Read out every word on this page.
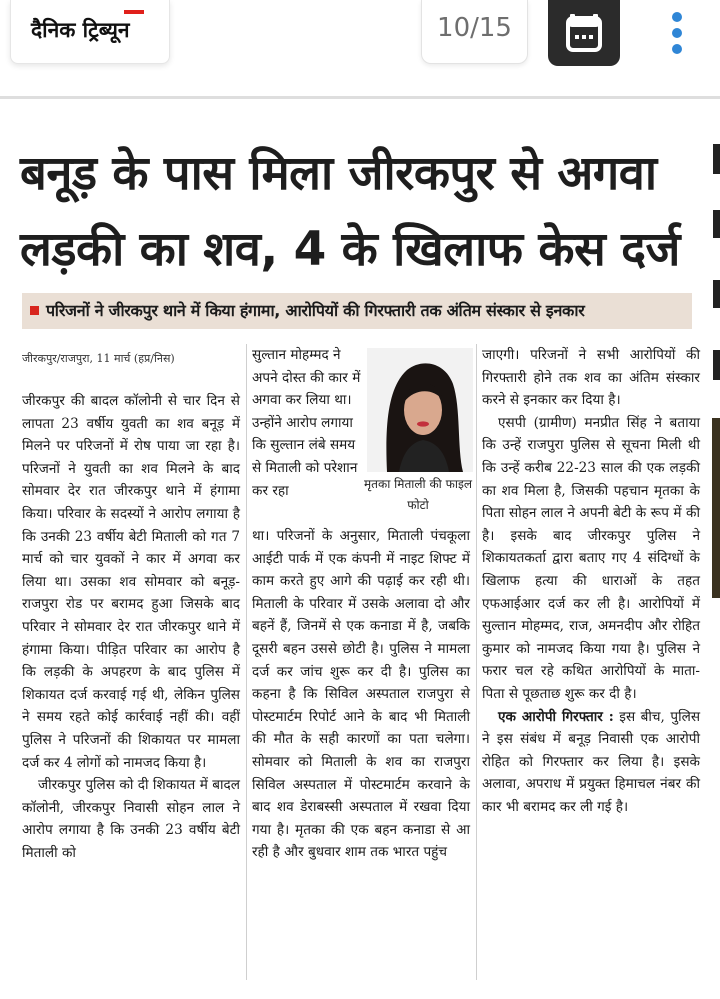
दैनिक ट्रिब्यून	10/15
बनूड़ के पास मिला जीरकपुर से अगवा
लड़की का शव, 4 के खिलाफ केस दर्ज
परिजनों ने जीरकपुर थाने में किया हंगामा, आरोपियों की गिरफ्तारी तक अंतिम संस्कार से इनकार
जीरकपुर/राजपुरा, 11 मार्च (हप्र/निस)

जीरकपुर की बादल कॉलोनी से चार दिन से लापता 23 वर्षीय युवती का शव बनूड़ में मिलने पर परिजनों में रोष पाया जा रहा है। परिजनों ने युवती का शव मिलने के बाद सोमवार देर रात जीरकपुर थाने में हंगामा किया। परिवार के सदस्यों ने आरोप लगाया है कि उनकी 23 वर्षीय बेटी मिताली को गत 7 मार्च को चार युवकों ने कार में अगवा कर लिया था। उसका शव सोमवार को बनूड़-राजपुरा रोड पर बरामद हुआ जिसके बाद परिवार ने सोमवार देर रात जीरकपुर थाने में हंगामा किया। पीड़ित परिवार का आरोप है कि लड़की के अपहरण के बाद पुलिस में शिकायत दर्ज करवाई गई थी, लेकिन पुलिस ने समय रहते कोई कार्रवाई नहीं की। वहीं पुलिस ने परिजनों की शिकायत पर मामला दर्ज कर 4 लोगों को नामजद किया है।

जीरकपुर पुलिस को दी शिकायत में बादल कॉलोनी, जीरकपुर निवासी सोहन लाल ने आरोप लगाया है कि उनकी 23 वर्षीय बेटी मिताली को

सुल्तान मोहम्मद ने अपने दोस्त की कार में अगवा कर लिया था। उन्होंने आरोप लगाया कि सुल्तान लंबे समय से मिताली को परेशान कर रहा	मृतका मिताली की फाइल फोटो
था। परिजनों के अनुसार, मिताली पंचकूला आईटी पार्क में एक कंपनी में नाइट शिफ्ट में काम करते हुए आगे की पढ़ाई कर रही थी। मिताली के परिवार में उसके अलावा दो और बहनें हैं, जिनमें से एक कनाडा में है, जबकि दूसरी बहन उससे छोटी है। पुलिस ने मामला दर्ज कर जांच शुरू कर दी है। पुलिस का कहना है कि सिविल अस्पताल राजपुरा से पोस्टमार्टम रिपोर्ट आने के बाद भी मिताली की मौत के सही कारणों का पता चलेगा। सोमवार को मिताली के शव का राजपुरा सिविल अस्पताल में पोस्टमार्टम करवाने के बाद शव डेराबस्सी अस्पताल में रखवा दिया गया है। मृतका की एक बहन कनाडा से आ रही है और बुधवार शाम तक भारत पहुंच

जाएगी। परिजनों ने सभी आरोपियों की गिरफ्तारी होने तक शव का अंतिम संस्कार करने से इनकार कर दिया है।

एसपी (ग्रामीण) मनप्रीत सिंह ने बताया कि उन्हें राजपुरा पुलिस से सूचना मिली थी कि उन्हें करीब 22-23 साल की एक लड़की का शव मिला है, जिसकी पहचान मृतका के पिता सोहन लाल ने अपनी बेटी के रूप में की है। इसके बाद जीरकपुर पुलिस ने शिकायतकर्ता द्वारा बताए गए 4 संदिग्धों के खिलाफ हत्या की धाराओं के तहत एफआईआर दर्ज कर ली है। आरोपियों में सुल्तान मोहम्मद, राज, अमनदीप और रोहित कुमार को नामजद किया गया है। पुलिस ने फरार चल रहे कथित आरोपियों के माता-पिता से पूछताछ शुरू कर दी है।

एक आरोपी गिरफ्तार : इस बीच, पुलिस ने इस संबंध में बनूड़ निवासी एक आरोपी रोहित को गिरफ्तार कर लिया है। इसके अलावा, अपराध में प्रयुक्त हिमाचल नंबर की कार भी बरामद कर ली गई है।
